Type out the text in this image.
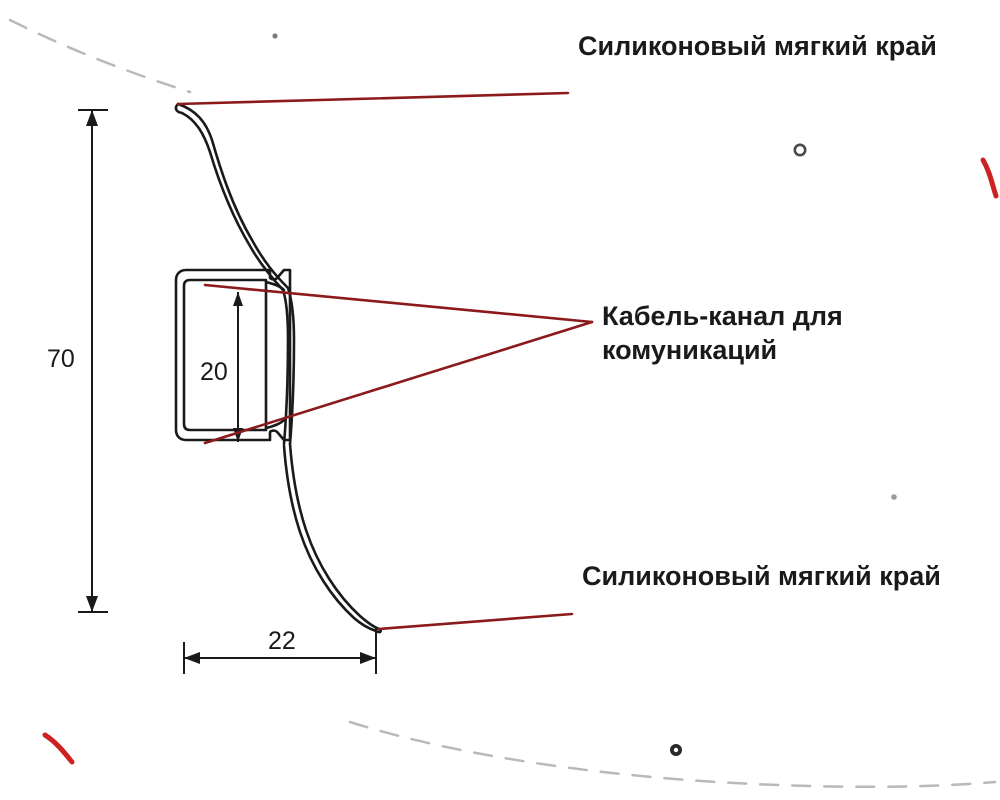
Силиконовый мягкий край
Кабель-канал для комуникаций
Силиконовый мягкий край
70	20
22
